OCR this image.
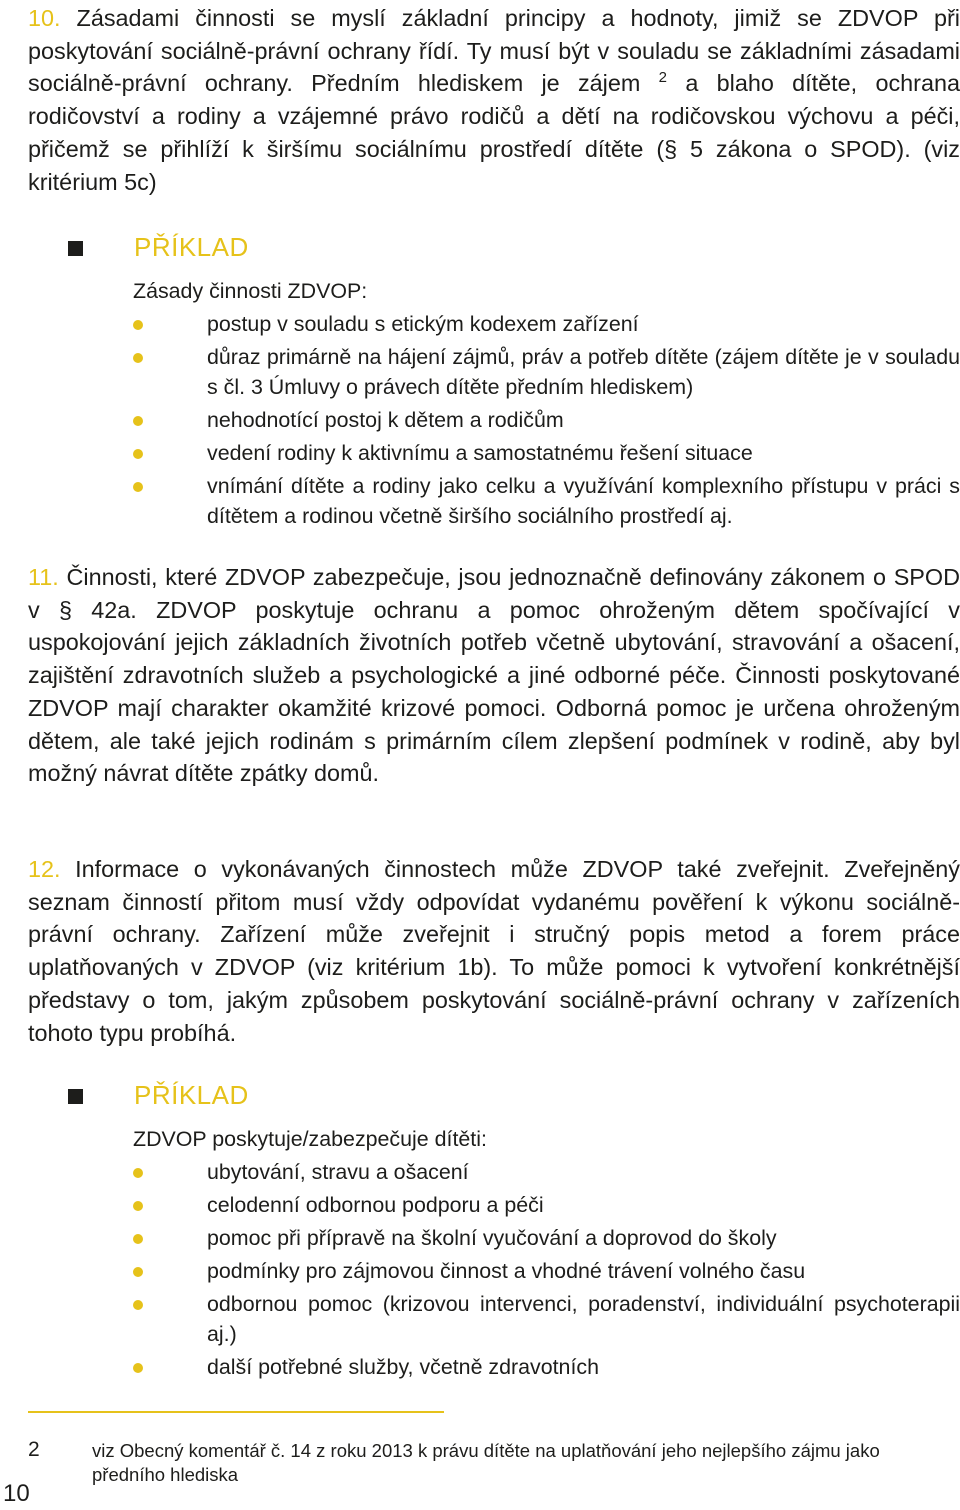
10. Zásadami činnosti se myslí základní principy a hodnoty, jimiž se ZDVOP při poskytování sociálně-právní ochrany řídí. Ty musí být v souladu se základními zásadami sociálně-právní ochrany. Předním hlediskem je zájem $^2$ a blaho dítěte, ochrana rodičovství a rodiny a vzájemné právo rodičů a dětí na rodičovskou výchovu a péči, přičemž se přihlíží k širšímu sociálnímu prostředí dítěte (§ 5 zákona o SPOD). (viz kritérium 5c)

PŘÍKLAD
Zásady činnosti ZDVOP:
postup v souladu s etickým kodexem zařízení
důraz primárně na hájení zájmů, práv a potřeb dítěte (zájem dítěte je v souladu s čl. 3 Úmluvy o právech dítěte předním hlediskem)
nehodnotící postoj k dětem a rodičům
vedení rodiny k aktivnímu a samostatnému řešení situace
vnímání dítěte a rodiny jako celku a využívání komplexního přístupu v práci s dítětem a rodinou včetně širšího sociálního prostředí aj.

11. Činnosti, které ZDVOP zabezpečuje, jsou jednoznačně definovány zákonem o SPOD v § 42a. ZDVOP poskytuje ochranu a pomoc ohroženým dětem spočívající v uspokojování jejich základních životních potřeb včetně ubytování, stravování a ošacení, zajištění zdravotních služeb a psychologické a jiné odborné péče. Činnosti poskytované ZDVOP mají charakter okamžité krizové pomoci. Odborná pomoc je určena ohroženým dětem, ale také jejich rodinám s primárním cílem zlepšení podmínek v rodině, aby byl možný návrat dítěte zpátky domů.

12. Informace o vykonávaných činnostech může ZDVOP také zveřejnit. Zveřejněný seznam činností přitom musí vždy odpovídat vydanému pověření k výkonu sociálně-právní ochrany. Zařízení může zveřejnit i stručný popis metod a forem práce uplatňovaných v ZDVOP (viz kritérium 1b). To může pomoci k vytvoření konkrétnější představy o tom, jakým způsobem poskytování sociálně-právní ochrany v zařízeních tohoto typu probíhá.

PŘÍKLAD
ZDVOP poskytuje/zabezpečuje dítěti:
ubytování, stravu a ošacení
celodenní odbornou podporu a péči
pomoc při přípravě na školní vyučování a doprovod do školy
podmínky pro zájmovou činnost a vhodné trávení volného času
odbornou pomoc (krizovou intervenci, poradenství, individuální psychoterapii aj.)
další potřebné služby, včetně zdravotních
2	viz Obecný komentář č. 14 z roku 2013 k právu dítěte na uplatňování jeho nejlepšího zájmu jako předního hlediska
10
